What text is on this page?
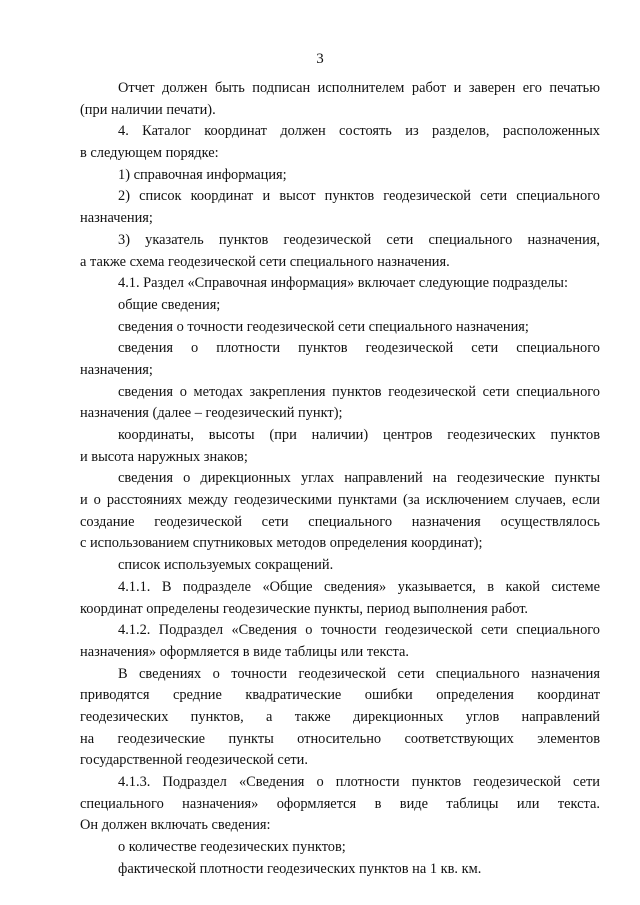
3
Отчет должен быть подписан исполнителем работ и заверен его печатью
(при наличии печати).
4. Каталог координат должен состоять из разделов, расположенных
в следующем порядке:
1) справочная информация;
2) список координат и высот пунктов геодезической сети специального
назначения;
3) указатель пунктов геодезической сети специального назначения,
а также схема геодезической сети специального назначения.
4.1. Раздел «Справочная информация» включает следующие подразделы:
общие сведения;
сведения о точности геодезической сети специального назначения;
сведения о плотности пунктов геодезической сети специального
назначения;
сведения о методах закрепления пунктов геодезической сети специального
назначения (далее – геодезический пункт);
координаты, высоты (при наличии) центров геодезических пунктов
и высота наружных знаков;
сведения о дирекционных углах направлений на геодезические пункты
и о расстояниях между геодезическими пунктами (за исключением случаев, если
создание геодезической сети специального назначения осуществлялось
с использованием спутниковых методов определения координат);
список используемых сокращений.
4.1.1. В подразделе «Общие сведения» указывается, в какой системе
координат определены геодезические пункты, период выполнения работ.
4.1.2. Подраздел «Сведения о точности геодезической сети специального
назначения» оформляется в виде таблицы или текста.
В сведениях о точности геодезической сети специального назначения
приводятся средние квадратические ошибки определения координат
геодезических пунктов, а также дирекционных углов направлений
на геодезические пункты относительно соответствующих элементов
государственной геодезической сети.
4.1.3. Подраздел «Сведения о плотности пунктов геодезической сети
специального назначения» оформляется в виде таблицы или текста.
Он должен включать сведения:
о количестве геодезических пунктов;
фактической плотности геодезических пунктов на 1 кв. км.
